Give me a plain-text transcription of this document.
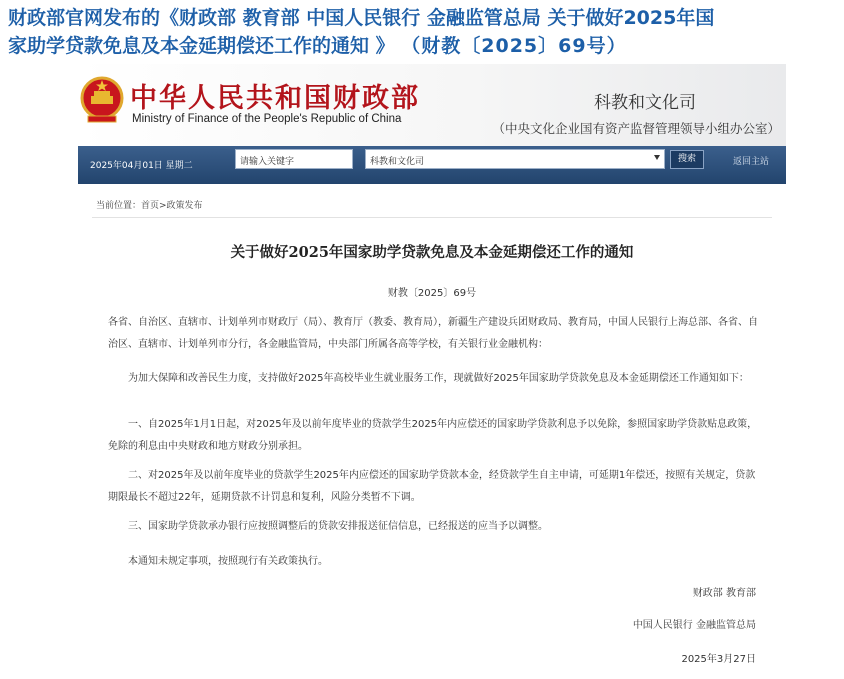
财政部官网发布的《财政部 教育部 中国人民银行 金融监管总局 关于做好2025年国
家助学贷款免息及本金延期偿还工作的通知 》 （财教〔2025〕69号）
中华人民共和国财政部
Ministry of Finance of the People's Republic of China
科教和文化司
（中央文化企业国有资产监督管理领导小组办公室）
2025年04月01日 星期二	请输入关键字	科教和文化司	搜索	返回主站
当前位置：首页>政策发布
关于做好2025年国家助学贷款免息及本金延期偿还工作的通知
财教〔2025〕69号
各省、自治区、直辖市、计划单列市财政厅（局）、教育厅（教委、教育局），新疆生产建设兵团财政局、教育局，中国人民银行上海总部、各省、自治区、直辖市、计划单列市分行，各金融监管局，中央部门所属各高等学校，有关银行业金融机构：
为加大保障和改善民生力度，支持做好2025年高校毕业生就业服务工作，现就做好2025年国家助学贷款免息及本金延期偿还工作通知如下：
一、自2025年1月1日起，对2025年及以前年度毕业的贷款学生2025年内应偿还的国家助学贷款利息予以免除，参照国家助学贷款贴息政策，免除的利息由中央财政和地方财政分别承担。
二、对2025年及以前年度毕业的贷款学生2025年内应偿还的国家助学贷款本金，经贷款学生自主申请，可延期1年偿还，按照有关规定，贷款期限最长不超过22年，延期贷款不计罚息和复利，风险分类暂不下调。
三、国家助学贷款承办银行应按照调整后的贷款安排报送征信信息，已经报送的应当予以调整。
本通知未规定事项，按照现行有关政策执行。
财政部 教育部
中国人民银行 金融监管总局
2025年3月27日
